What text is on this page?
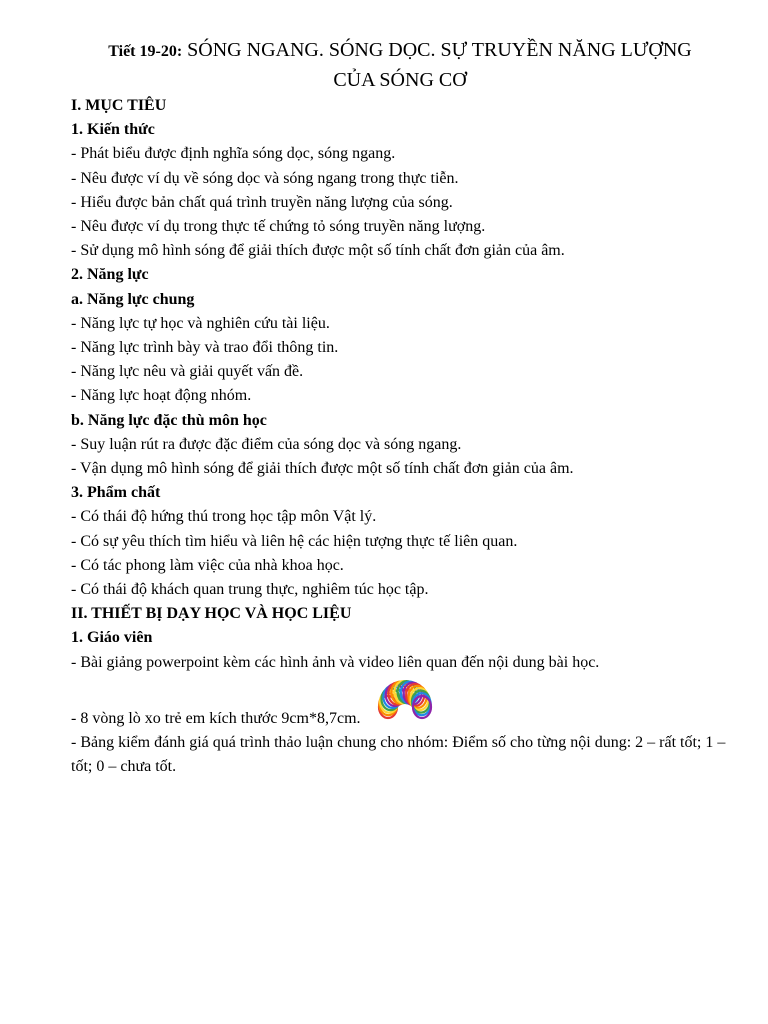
Tiết 19-20: SÓNG NGANG. SÓNG DỌC. SỰ TRUYỀN NĂNG LƯỢNG
CỦA SÓNG CƠ
I. MỤC TIÊU
1. Kiến thức
- Phát biểu được định nghĩa sóng dọc, sóng ngang.
- Nêu được ví dụ về sóng dọc và sóng ngang trong thực tiễn.
- Hiểu được bản chất quá trình truyền năng lượng của sóng.
- Nêu được ví dụ trong thực tế chứng tỏ sóng truyền năng lượng.
- Sử dụng mô hình sóng để giải thích được một số tính chất đơn giản của âm.
2. Năng lực
a. Năng lực chung
- Năng lực tự học và nghiên cứu tài liệu.
- Năng lực trình bày và trao đổi thông tin.
- Năng lực nêu và giải quyết vấn đề.
- Năng lực hoạt động nhóm.
b. Năng lực đặc thù môn học
- Suy luận rút ra được đặc điểm của sóng dọc và sóng ngang.
- Vận dụng mô hình sóng để giải thích được một số tính chất đơn giản của âm.
3. Phẩm chất
- Có thái độ hứng thú trong học tập môn Vật lý.
- Có sự yêu thích tìm hiểu và liên hệ các hiện tượng thực tế liên quan.
- Có tác phong làm việc của nhà khoa học.
- Có thái độ khách quan trung thực, nghiêm túc học tập.
II. THIẾT BỊ DẠY HỌC VÀ HỌC LIỆU
1. Giáo viên
- Bài giảng powerpoint kèm các hình ảnh và video liên quan đến nội dung bài học.
- 8 vòng lò xo trẻ em kích thước 9cm*8,7cm.
- Bảng kiểm đánh giá quá trình thảo luận chung cho nhóm: Điểm số cho từng nội dung: 2 – rất tốt; 1 – tốt; 0 – chưa tốt.
